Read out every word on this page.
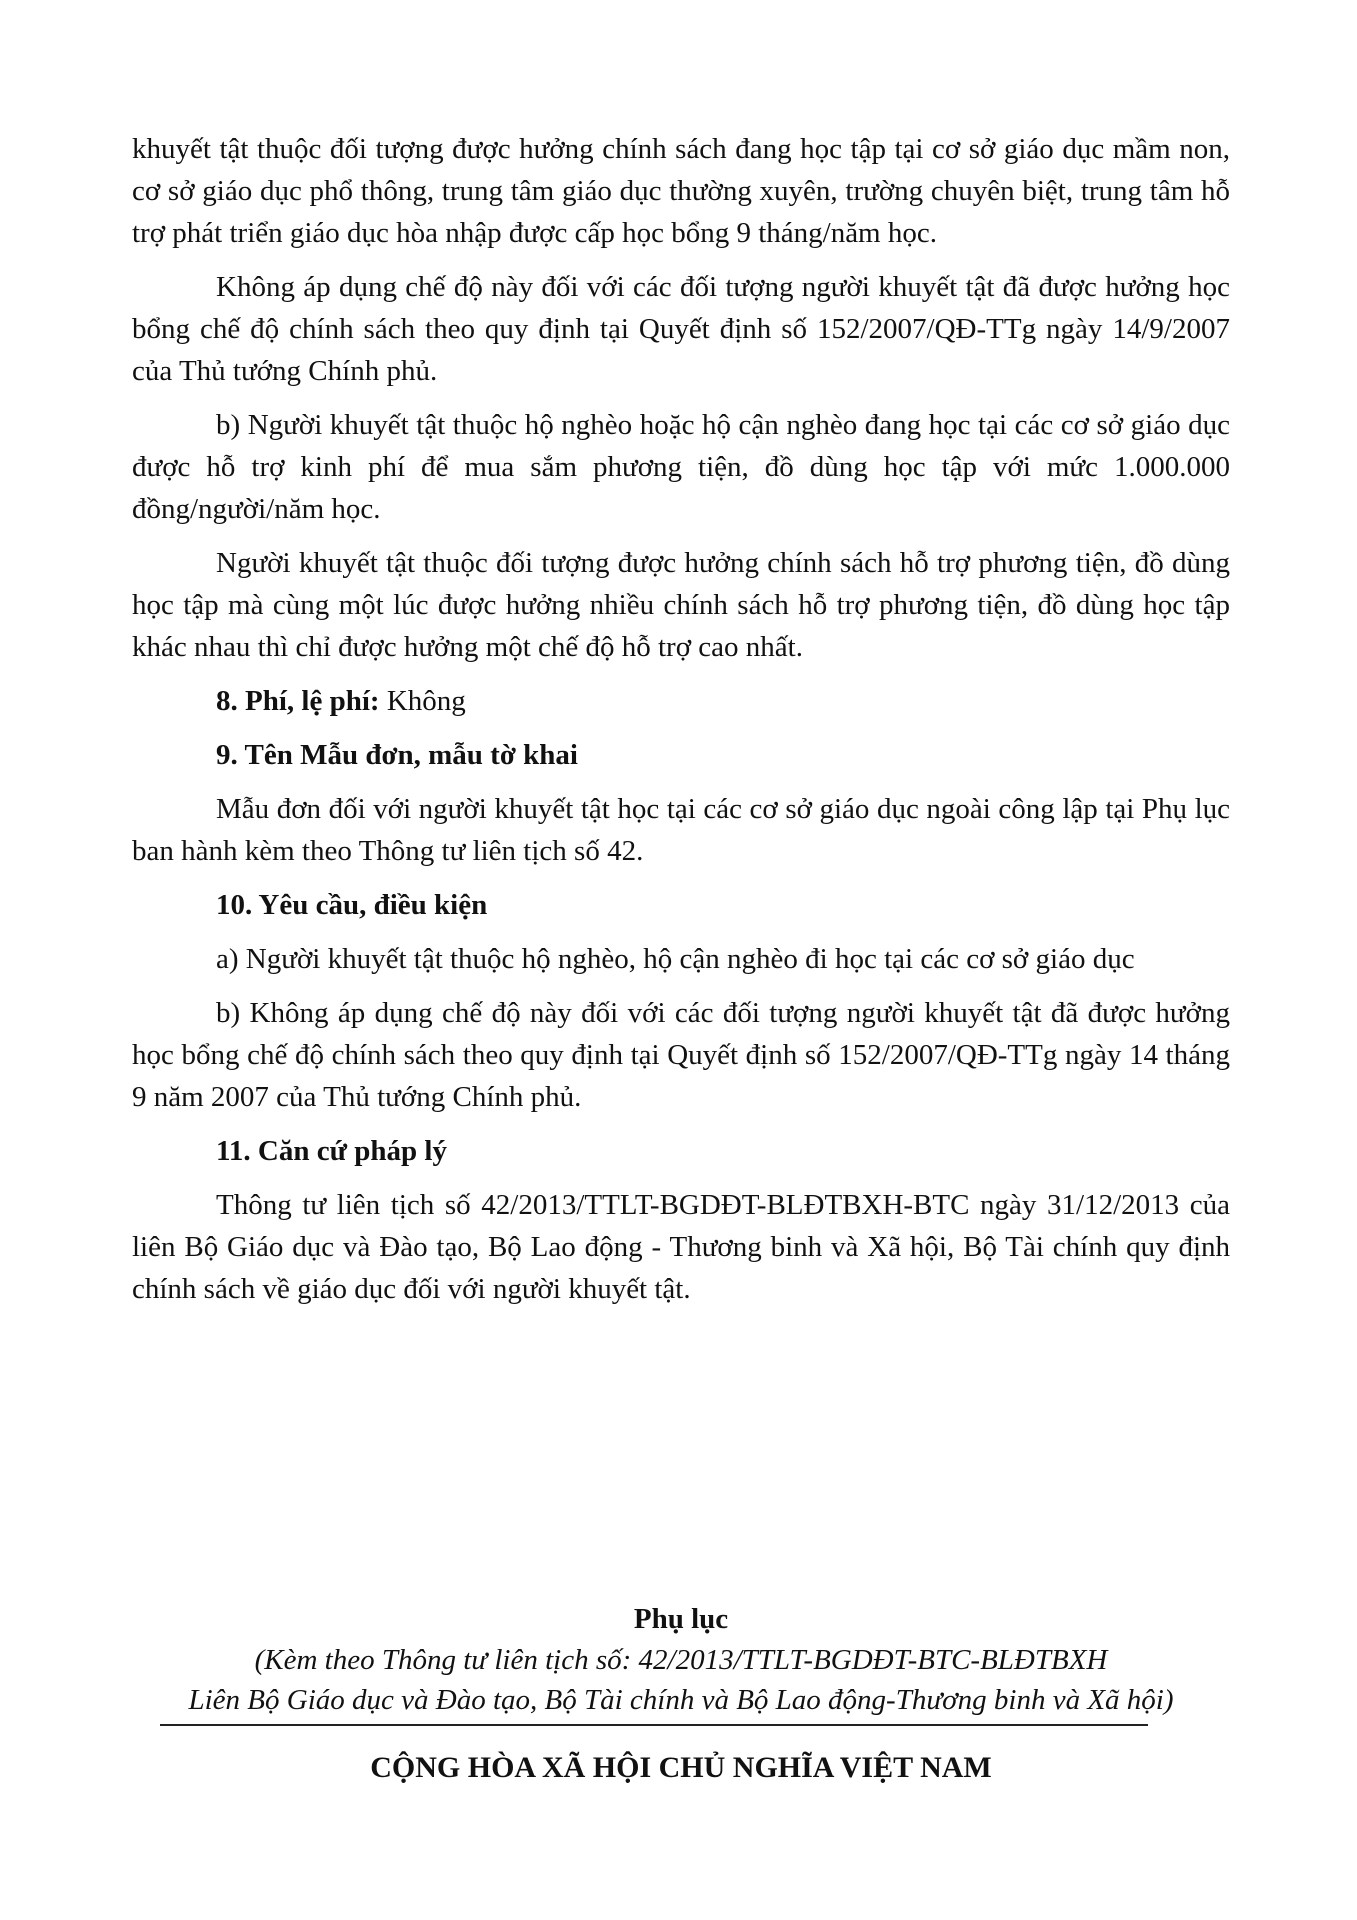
khuyết tật thuộc đối tượng được hưởng chính sách đang học tập tại cơ sở giáo dục mầm non, cơ sở giáo dục phổ thông, trung tâm giáo dục thường xuyên, trường chuyên biệt, trung tâm hỗ trợ phát triển giáo dục hòa nhập được cấp học bổng 9 tháng/năm học.

Không áp dụng chế độ này đối với các đối tượng người khuyết tật đã được hưởng học bổng chế độ chính sách theo quy định tại Quyết định số 152/2007/QĐ-TTg ngày 14/9/2007 của Thủ tướng Chính phủ.

b) Người khuyết tật thuộc hộ nghèo hoặc hộ cận nghèo đang học tại các cơ sở giáo dục được hỗ trợ kinh phí để mua sắm phương tiện, đồ dùng học tập với mức 1.000.000 đồng/người/năm học.

Người khuyết tật thuộc đối tượng được hưởng chính sách hỗ trợ phương tiện, đồ dùng học tập mà cùng một lúc được hưởng nhiều chính sách hỗ trợ phương tiện, đồ dùng học tập khác nhau thì chỉ được hưởng một chế độ hỗ trợ cao nhất.

8. Phí, lệ phí: Không

9. Tên Mẫu đơn, mẫu tờ khai

Mẫu đơn đối với người khuyết tật học tại các cơ sở giáo dục ngoài công lập tại Phụ lục ban hành kèm theo Thông tư liên tịch số 42.

10. Yêu cầu, điều kiện

a) Người khuyết tật thuộc hộ nghèo, hộ cận nghèo đi học tại các cơ sở giáo dục

b) Không áp dụng chế độ này đối với các đối tượng người khuyết tật đã được hưởng học bổng chế độ chính sách theo quy định tại Quyết định số 152/2007/QĐ-TTg ngày 14 tháng 9 năm 2007 của Thủ tướng Chính phủ.

11. Căn cứ pháp lý

Thông tư liên tịch số 42/2013/TTLT-BGDĐT-BLĐTBXH-BTC ngày 31/12/2013 của liên Bộ Giáo dục và Đào tạo, Bộ Lao động - Thương binh và Xã hội, Bộ Tài chính quy định chính sách về giáo dục đối với người khuyết tật.

Phụ lục
(Kèm theo Thông tư liên tịch số: 42/2013/TTLT-BGDĐT-BTC-BLĐTBXH
Liên Bộ Giáo dục và Đào tạo, Bộ Tài chính và Bộ Lao động-Thương binh và Xã hội)
CỘNG HÒA XÃ HỘI CHỦ NGHĨA VIỆT NAM
